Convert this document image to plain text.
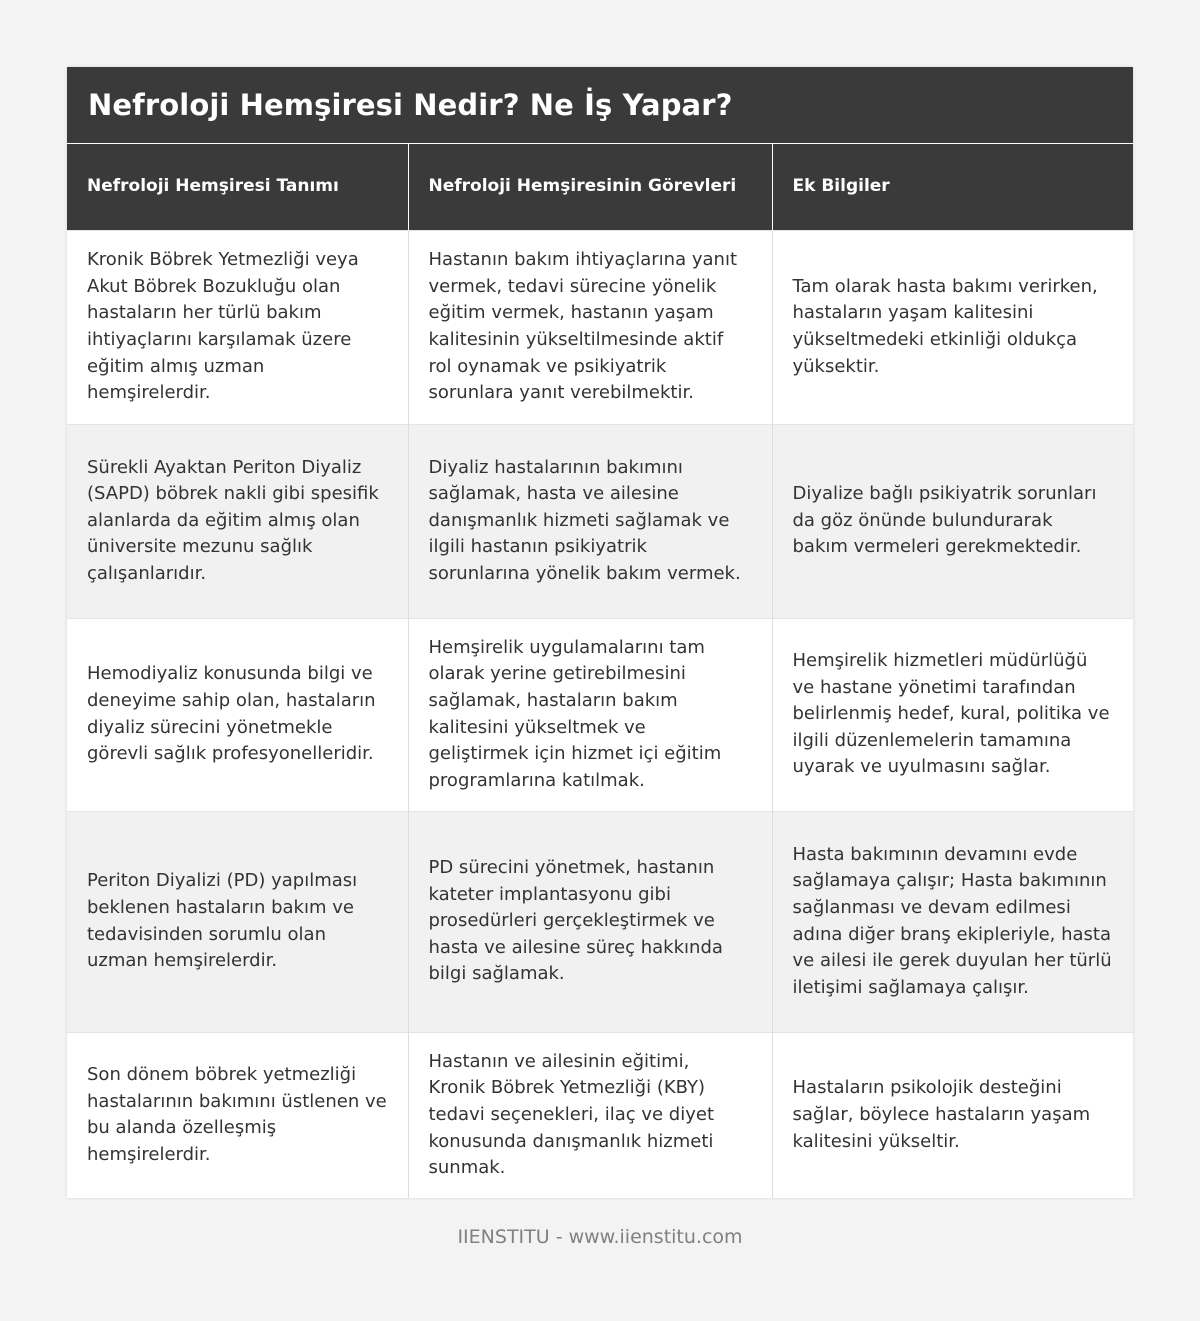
Nefroloji Hemşiresi Nedir? Ne İş Yapar?
Nefroloji Hemşiresi Tanımı	Nefroloji Hemşiresinin Görevleri	Ek Bilgiler
Kronik Böbrek Yetmezliği veya Akut Böbrek Bozukluğu olan hastaların her türlü bakım ihtiyaçlarını karşılamak üzere eğitim almış uzman hemşirelerdir.	Hastanın bakım ihtiyaçlarına yanıt vermek, tedavi sürecine yönelik eğitim vermek, hastanın yaşam kalitesinin yükseltilmesinde aktif rol oynamak ve psikiyatrik sorunlara yanıt verebilmektir.	Tam olarak hasta bakımı verirken, hastaların yaşam kalitesini yükseltmedeki etkinliği oldukça yüksektir.
Sürekli Ayaktan Periton Diyaliz (SAPD) böbrek nakli gibi spesifik alanlarda da eğitim almış olan üniversite mezunu sağlık çalışanlarıdır.	Diyaliz hastalarının bakımını sağlamak, hasta ve ailesine danışmanlık hizmeti sağlamak ve ilgili hastanın psikiyatrik sorunlarına yönelik bakım vermek.	Diyalize bağlı psikiyatrik sorunları da göz önünde bulundurarak bakım vermeleri gerekmektedir.
Hemodiyaliz konusunda bilgi ve deneyime sahip olan, hastaların diyaliz sürecini yönetmekle görevli sağlık profesyonelleridir.	Hemşirelik uygulamalarını tam olarak yerine getirebilmesini sağlamak, hastaların bakım kalitesini yükseltmek ve geliştirmek için hizmet içi eğitim programlarına katılmak.	Hemşirelik hizmetleri müdürlüğü ve hastane yönetimi tarafından belirlenmiş hedef, kural, politika ve ilgili düzenlemelerin tamamına uyarak ve uyulmasını sağlar.
Periton Diyalizi (PD) yapılması beklenen hastaların bakım ve tedavisinden sorumlu olan uzman hemşirelerdir.	PD sürecini yönetmek, hastanın kateter implantasyonu gibi prosedürleri gerçekleştirmek ve hasta ve ailesine süreç hakkında bilgi sağlamak.	Hasta bakımının devamını evde sağlamaya çalışır; Hasta bakımının sağlanması ve devam edilmesi adına diğer branş ekipleriyle, hasta ve ailesi ile gerek duyulan her türlü iletişimi sağlamaya çalışır.
Son dönem böbrek yetmezliği hastalarının bakımını üstlenen ve bu alanda özelleşmiş hemşirelerdir.	Hastanın ve ailesinin eğitimi, Kronik Böbrek Yetmezliği (KBY) tedavi seçenekleri, ilaç ve diyet konusunda danışmanlık hizmeti sunmak.	Hastaların psikolojik desteğini sağlar, böylece hastaların yaşam kalitesini yükseltir.
IIENSTITU - www.iienstitu.com
